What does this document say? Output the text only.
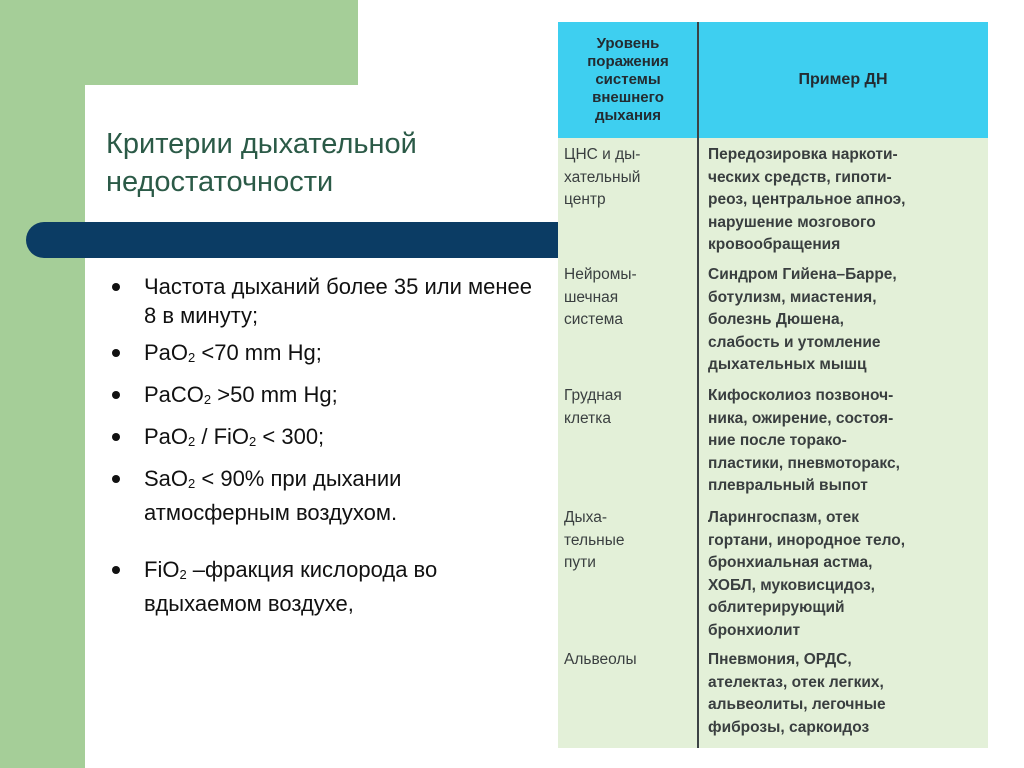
Критерии дыхательной недостаточности
Частота дыханий более 35 или менее 8 в минуту;
PaO$_2$ <70 mm Hg;
PaCO$_2$ >50 mm Hg;
PaO$_2$ / FiO$_2$ < 300;
SaO$_2$ < 90% при дыхании атмосферным воздухом.
FiO$_2$ –фракция кислорода во вдыхаемом воздухе,
Уровень
поражения
системы
внешнего
дыхания
Пример ДН
ЦНС и ды-
хательный
центр
Передозировка наркоти-
ческих средств, гипоти-
реоз, центральное апноэ,
нарушение мозгового
кровообращения
Нейромы-
шечная
система
Синдром Гийена–Барре,
ботулизм, миастения,
болезнь Дюшена,
слабость и утомление
дыхательных мышц
Грудная
клетка
Кифосколиоз позвоноч-
ника, ожирение, состоя-
ние после торако-
пластики, пневмоторакс,
плевральный выпот
Дыха-
тельные
пути
Ларингоспазм, отек
гортани, инородное тело,
бронхиальная астма,
ХОБЛ, муковисцидоз,
облитерирующий
бронхиолит
Альвеолы	Пневмония, ОРДС,
ателектаз, отек легких,
альвеолиты, легочные
фиброзы, саркоидоз
